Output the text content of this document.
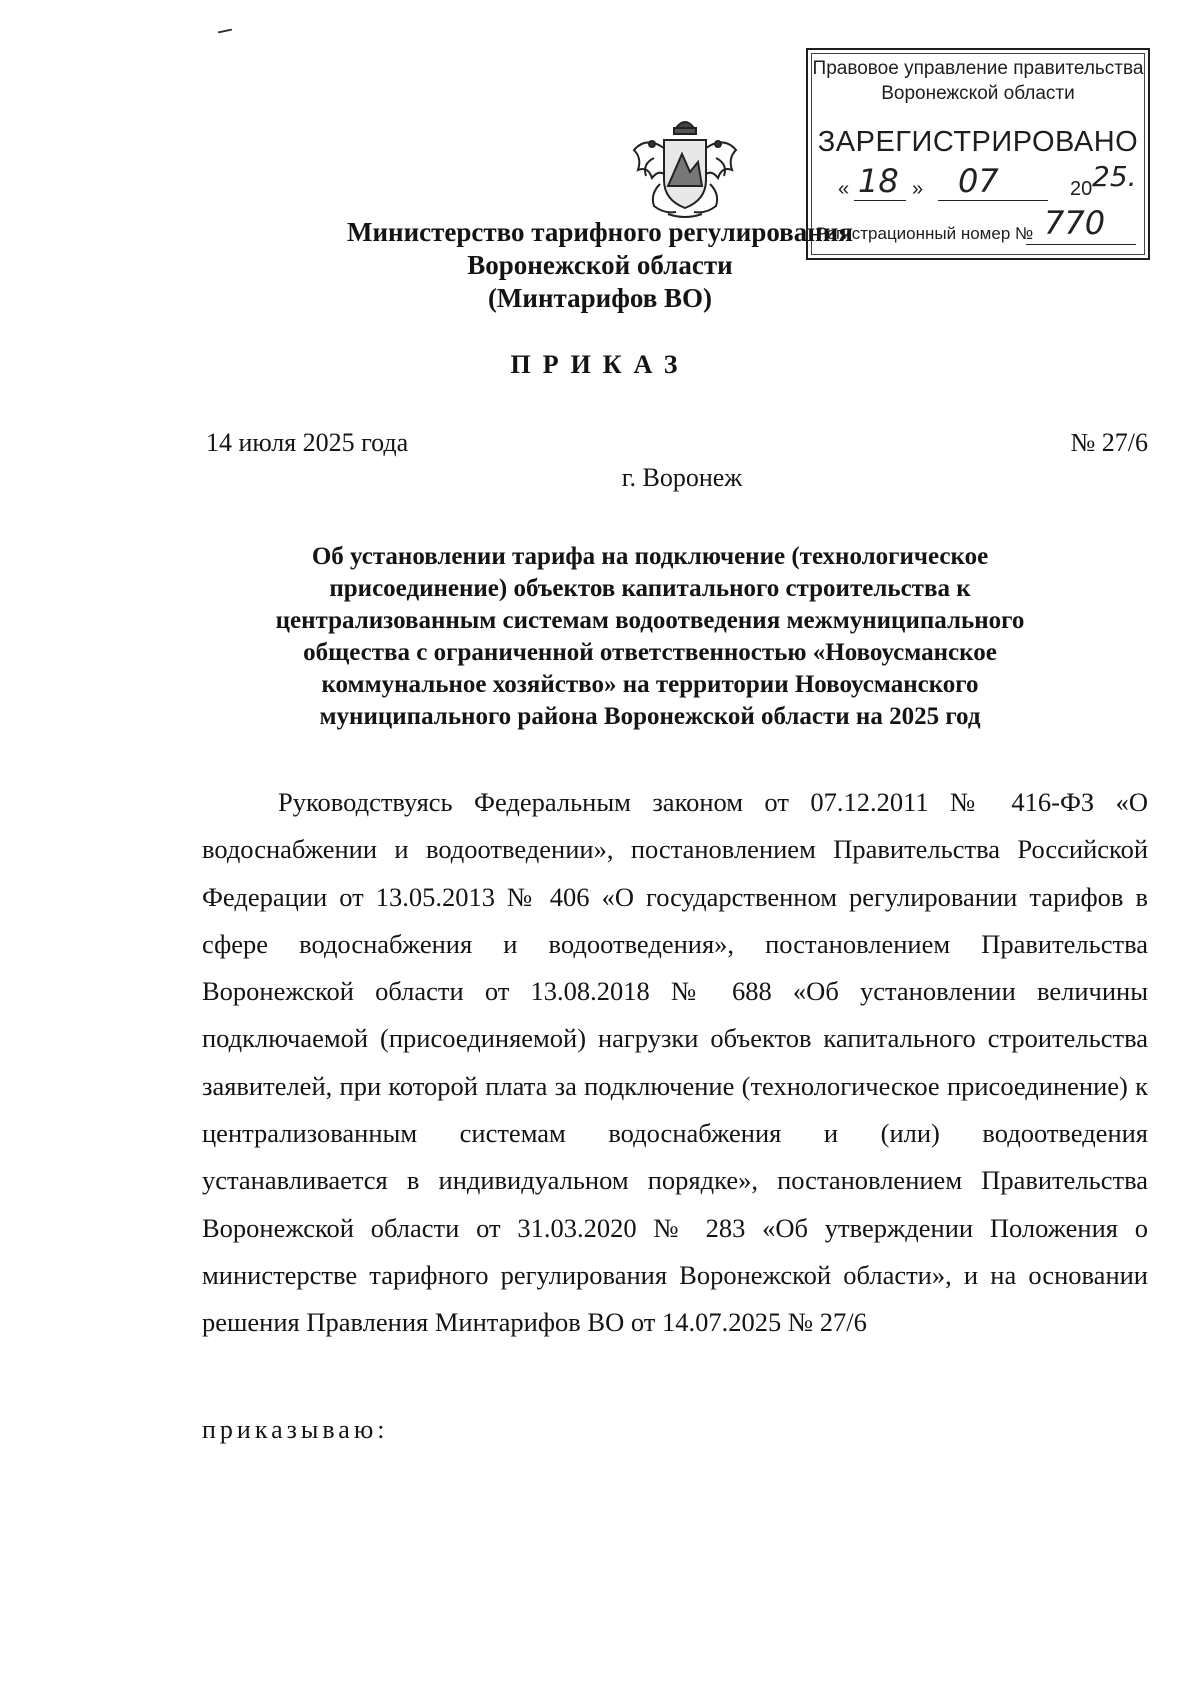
Правовое управление правительства
Воронежской области
ЗАРЕГИСТРИРОВАНО
« 18 » 07	20 25.
Регистрационный номер № 770
Министерство тарифного регулирования
Воронежской области
(Минтарифов ВО)
ПРИКАЗ
14 июля 2025 года	№ 27/6
г. Воронеж
Об установлении тарифа на подключение (технологическое
присоединение) объектов капитального строительства к
централизованным системам водоотведения межмуниципального
общества с ограниченной ответственностью «Новоусманское
коммунальное хозяйство» на территории Новоусманского
муниципального района Воронежской области на 2025 год
Руководствуясь Федеральным законом от 07.12.2011 № 416-ФЗ «О водоснабжении и водоотведении», постановлением Правительства Российской Федерации от 13.05.2013 № 406 «О государственном регулировании тарифов в сфере водоснабжения и водоотведения», постановлением Правительства Воронежской области от 13.08.2018 № 688 «Об установлении величины подключаемой (присоединяемой) нагрузки объектов капитального строительства заявителей, при которой плата за подключение (технологическое присоединение) к централизованным системам водоснабжения и (или) водоотведения устанавливается в индивидуальном порядке», постановлением Правительства Воронежской области от 31.03.2020 № 283 «Об утверждении Положения о министерстве тарифного регулирования Воронежской области», и на основании решения Правления Минтарифов ВО от 14.07.2025 № 27/6
приказываю:
